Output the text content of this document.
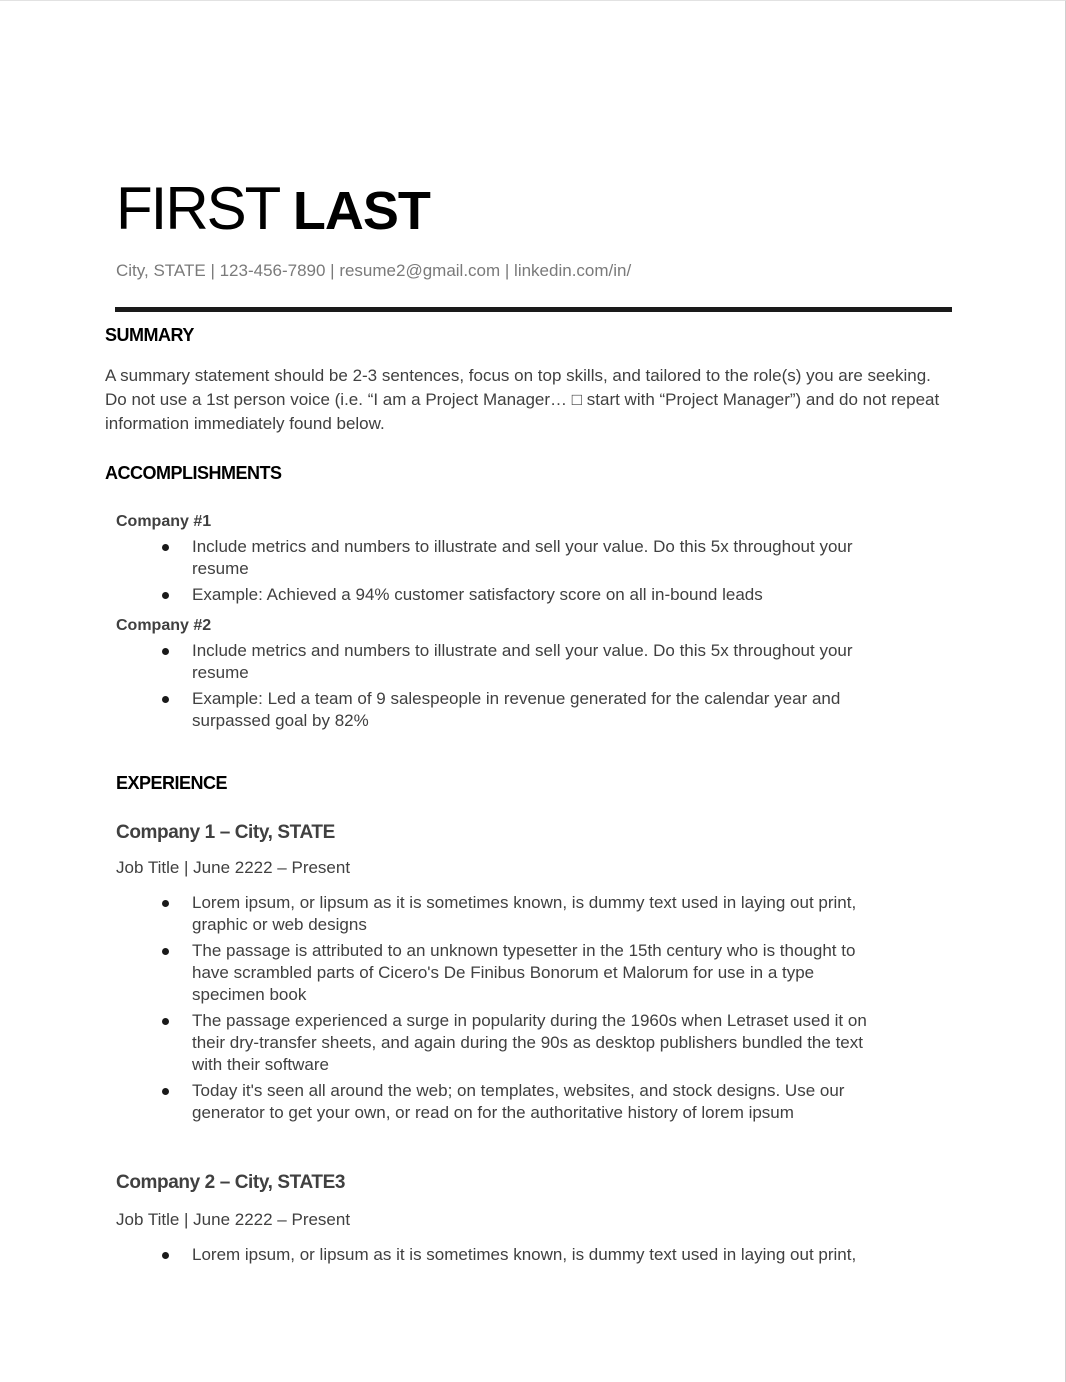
FIRST LAST
City, STATE | 123-456-7890 | resume2@gmail.com | linkedin.com/in/
SUMMARY
A summary statement should be 2-3 sentences, focus on top skills, and tailored to the role(s) you are seeking. Do not use a 1st person voice (i.e. “I am a Project Manager… □ start with “Project Manager”) and do not repeat information immediately found below.
ACCOMPLISHMENTS
Company #1
Include metrics and numbers to illustrate and sell your value. Do this 5x throughout your resume
Example: Achieved a 94% customer satisfactory score on all in-bound leads
Company #2
Include metrics and numbers to illustrate and sell your value. Do this 5x throughout your resume
Example: Led a team of 9 salespeople in revenue generated for the calendar year and surpassed goal by 82%
EXPERIENCE
Company 1 – City, STATE
Job Title | June 2222 – Present
Lorem ipsum, or lipsum as it is sometimes known, is dummy text used in laying out print, graphic or web designs
The passage is attributed to an unknown typesetter in the 15th century who is thought to have scrambled parts of Cicero's De Finibus Bonorum et Malorum for use in a type specimen book
The passage experienced a surge in popularity during the 1960s when Letraset used it on their dry-transfer sheets, and again during the 90s as desktop publishers bundled the text with their software
Today it's seen all around the web; on templates, websites, and stock designs. Use our generator to get your own, or read on for the authoritative history of lorem ipsum
Company 2 – City, STATE3
Job Title | June 2222 – Present
Lorem ipsum, or lipsum as it is sometimes known, is dummy text used in laying out print,
